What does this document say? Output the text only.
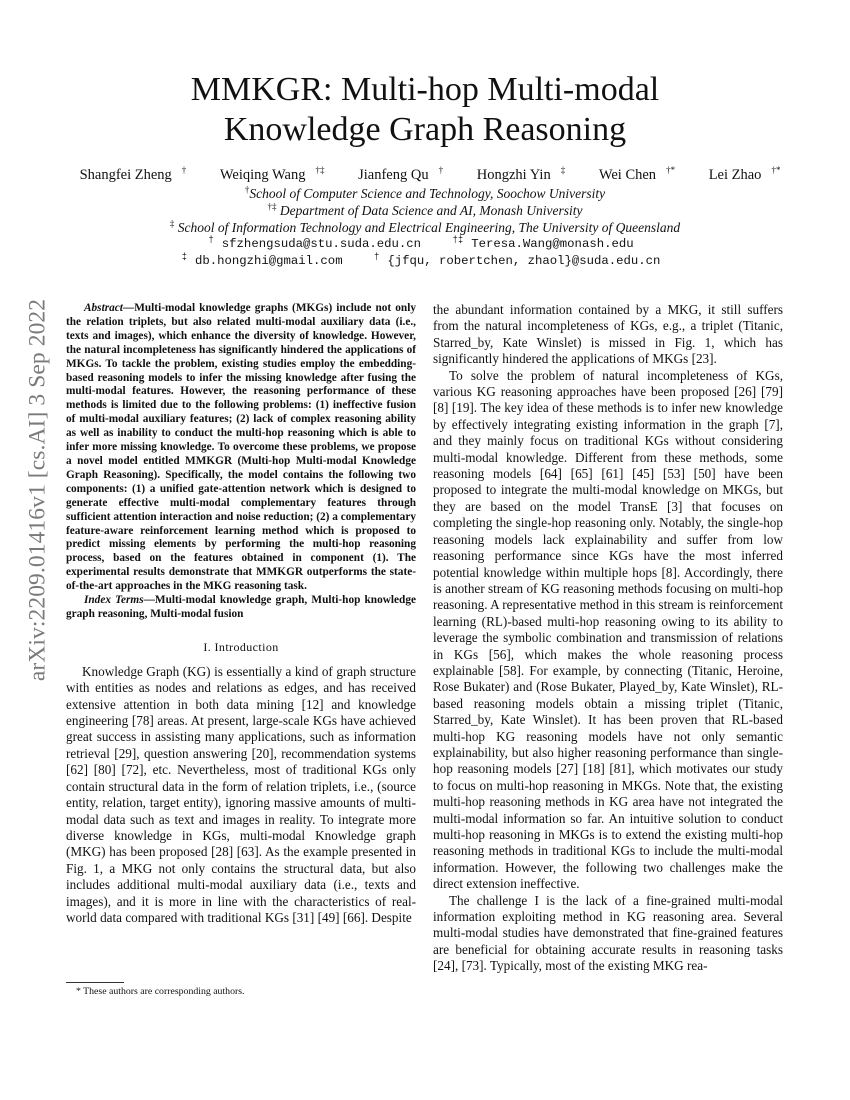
arXiv:2209.01416v1 [cs.AI] 3 Sep 2022
MMKGR: Multi-hop Multi-modal
Knowledge Graph Reasoning
Shangfei Zheng † Weiqing Wang †‡ Jianfeng Qu † Hongzhi Yin ‡ Wei Chen †* Lei Zhao †*
†School of Computer Science and Technology, Soochow University
†‡ Department of Data Science and AI, Monash University
‡ School of Information Technology and Electrical Engineering, The University of Queensland
† sfzhengsuda@stu.suda.edu.cn	†‡ Teresa.Wang@monash.edu
‡ db.hongzhi@gmail.com	† {jfqu, robertchen, zhaol}@suda.edu.cn

Abstract—Multi-modal knowledge graphs (MKGs) include not only the relation triplets, but also related multi-modal auxiliary data (i.e., texts and images), which enhance the diversity of knowledge. However, the natural incompleteness has significantly hindered the applications of MKGs. To tackle the problem, existing studies employ the embedding-based reasoning models to infer the missing knowledge after fusing the multi-modal features. However, the reasoning performance of these methods is limited due to the following problems: (1) ineffective fusion of multi-modal auxiliary features; (2) lack of complex reasoning ability as well as inability to conduct the multi-hop reasoning which is able to infer more missing knowledge. To overcome these problems, we propose a novel model entitled MMKGR (Multi-hop Multi-modal Knowledge Graph Reasoning). Specifically, the model contains the following two components: (1) a unified gate-attention network which is designed to generate effective multi-modal complementary features through sufficient attention interaction and noise reduction; (2) a complementary feature-aware reinforcement learning method which is proposed to predict missing elements by performing the multi-hop reasoning process, based on the features obtained in component (1). The experimental results demonstrate that MMKGR outperforms the state-of-the-art approaches in the MKG reasoning task.

Index Terms—Multi-modal knowledge graph, Multi-hop knowledge graph reasoning, Multi-modal fusion

I. Introduction

Knowledge Graph (KG) is essentially a kind of graph structure with entities as nodes and relations as edges, and has received extensive attention in both data mining [12] and knowledge engineering [78] areas. At present, large-scale KGs have achieved great success in assisting many applications, such as information retrieval [29], question answering [20], recommendation systems [62] [80] [72], etc. Nevertheless, most of traditional KGs only contain structural data in the form of relation triplets, i.e., (source entity, relation, target entity), ignoring massive amounts of multi-modal data such as text and images in reality. To integrate more diverse knowledge in KGs, multi-modal Knowledge graph (MKG) has been proposed [28] [63]. As the example presented in Fig. 1, a MKG not only contains the structural data, but also includes additional multi-modal auxiliary data (i.e., texts and images), and it is more in line with the characteristics of real-world data compared with traditional KGs [31] [49] [66]. Despite

the abundant information contained by a MKG, it still suffers from the natural incompleteness of KGs, e.g., a triplet (Titanic, Starred_by, Kate Winslet) is missed in Fig. 1, which has significantly hindered the applications of MKGs [23].

To solve the problem of natural incompleteness of KGs, various KG reasoning approaches have been proposed [26] [79] [8] [19]. The key idea of these methods is to infer new knowledge by effectively integrating existing information in the graph [7], and they mainly focus on traditional KGs without considering multi-modal knowledge. Different from these methods, some reasoning models [64] [65] [61] [45] [53] [50] have been proposed to integrate the multi-modal knowledge on MKGs, but they are based on the model TransE [3] that focuses on completing the single-hop reasoning only. Notably, the single-hop reasoning models lack explainability and suffer from low reasoning performance since KGs have the most inferred potential knowledge within multiple hops [8]. Accordingly, there is another stream of KG reasoning methods focusing on multi-hop reasoning. A representative method in this stream is reinforcement learning (RL)-based multi-hop reasoning owing to its ability to leverage the symbolic combination and transmission of relations in KGs [56], which makes the whole reasoning process explainable [58]. For example, by connecting (Titanic, Heroine, Rose Bukater) and (Rose Bukater, Played_by, Kate Winslet), RL-based reasoning models obtain a missing triplet (Titanic, Starred_by, Kate Winslet). It has been proven that RL-based multi-hop KG reasoning models have not only semantic explainability, but also higher reasoning performance than single-hop reasoning models [27] [18] [81], which motivates our study to focus on multi-hop reasoning in MKGs. Note that, the existing multi-hop reasoning methods in KG area have not integrated the multi-modal information so far. An intuitive solution to conduct multi-hop reasoning in MKGs is to extend the existing multi-hop reasoning methods in traditional KGs to include the multi-modal information. However, the following two challenges make the direct extension ineffective.

The challenge I is the lack of a fine-grained multi-modal information exploiting method in KG reasoning area. Several multi-modal studies have demonstrated that fine-grained features are beneficial for obtaining accurate results in reasoning tasks [24], [73]. Typically, most of the existing MKG rea-

* These authors are corresponding authors.
